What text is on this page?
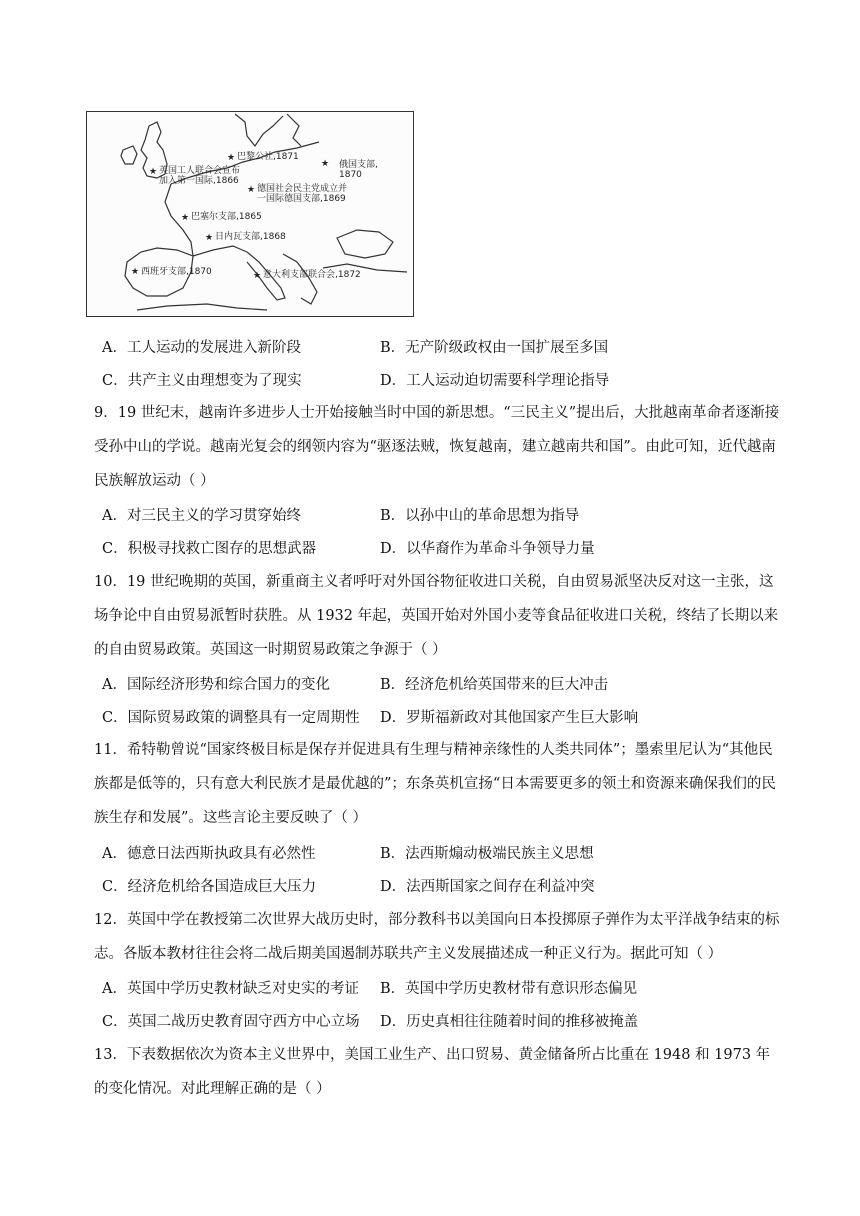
★
★
★
★
★
★
★	★
巴黎公社,1871
俄国支部,
1870
英国工人联合会宣布
加入第一国际,1866
德国社会民主党成立并
一国际德国支部,1869
巴塞尔支部,1865
日内瓦支部,1868
西班牙支部,1870	意大利支部联合会,1872
A．工人运动的发展进入新阶段	B．无产阶级政权由一国扩展至多国
C．共产主义由理想变为了现实	D．工人运动迫切需要科学理论指导
9．19 世纪末，越南许多进步人士开始接触当时中国的新思想。“三民主义”提出后，大批越南革命者逐渐接受孙中山的学说。越南光复会的纲领内容为“驱逐法贼，恢复越南，建立越南共和国”。由此可知，近代越南民族解放运动（ ）
A．对三民主义的学习贯穿始终	B．以孙中山的革命思想为指导
C．积极寻找救亡图存的思想武器	D．以华裔作为革命斗争领导力量
10．19 世纪晚期的英国，新重商主义者呼吁对外国谷物征收进口关税，自由贸易派坚决反对这一主张，这场争论中自由贸易派暂时获胜。从 1932 年起，英国开始对外国小麦等食品征收进口关税，终结了长期以来的自由贸易政策。英国这一时期贸易政策之争源于（ ）
A．国际经济形势和综合国力的变化	B．经济危机给英国带来的巨大冲击
C．国际贸易政策的调整具有一定周期性 D．罗斯福新政对其他国家产生巨大影响
11．希特勒曾说“国家终极目标是保存并促进具有生理与精神亲缘性的人类共同体”；墨索里尼认为“其他民族都是低等的，只有意大利民族才是最优越的”；东条英机宣扬“日本需要更多的领土和资源来确保我们的民族生存和发展”。这些言论主要反映了（ ）
A．德意日法西斯执政具有必然性	B．法西斯煽动极端民族主义思想
C．经济危机给各国造成巨大压力	D．法西斯国家之间存在利益冲突
12．英国中学在教授第二次世界大战历史时，部分教科书以美国向日本投掷原子弹作为太平洋战争结束的标志。各版本教材往往会将二战后期美国遏制苏联共产主义发展描述成一种正义行为。据此可知（ ）
A．英国中学历史教材缺乏对史实的考证 B．英国中学历史教材带有意识形态偏见
C．英国二战历史教育固守西方中心立场 D．历史真相往往随着时间的推移被掩盖
13．下表数据依次为资本主义世界中，美国工业生产、出口贸易、黄金储备所占比重在 1948 和 1973 年的变化情况。对此理解正确的是（ ）
